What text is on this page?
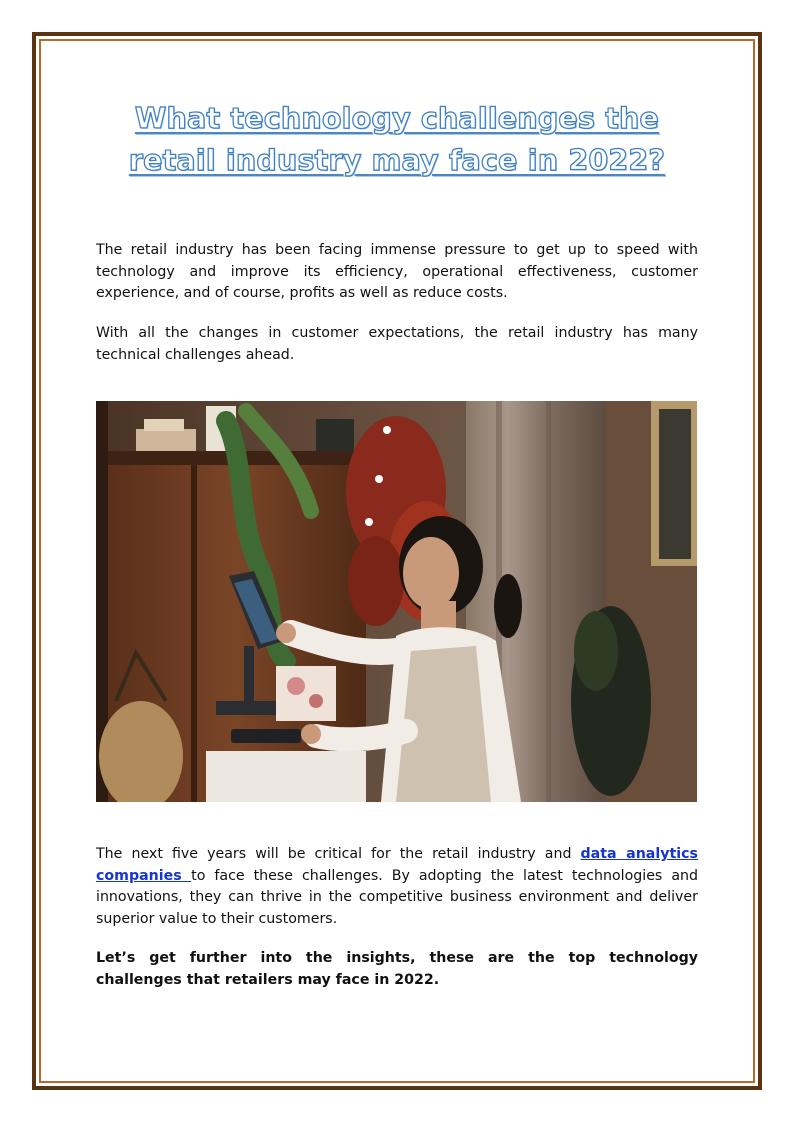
What technology challenges the retail industry may face in 2022?

The retail industry has been facing immense pressure to get up to speed with technology and improve its efficiency, operational effectiveness, customer experience, and of course, profits as well as reduce costs.

With all the changes in customer expectations, the retail industry has many technical challenges ahead.

The next five years will be critical for the retail industry and data analytics companies to face these challenges. By adopting the latest technologies and innovations, they can thrive in the competitive business environment and deliver superior value to their customers.

Let’s get further into the insights, these are the top technology challenges that retailers may face in 2022.
